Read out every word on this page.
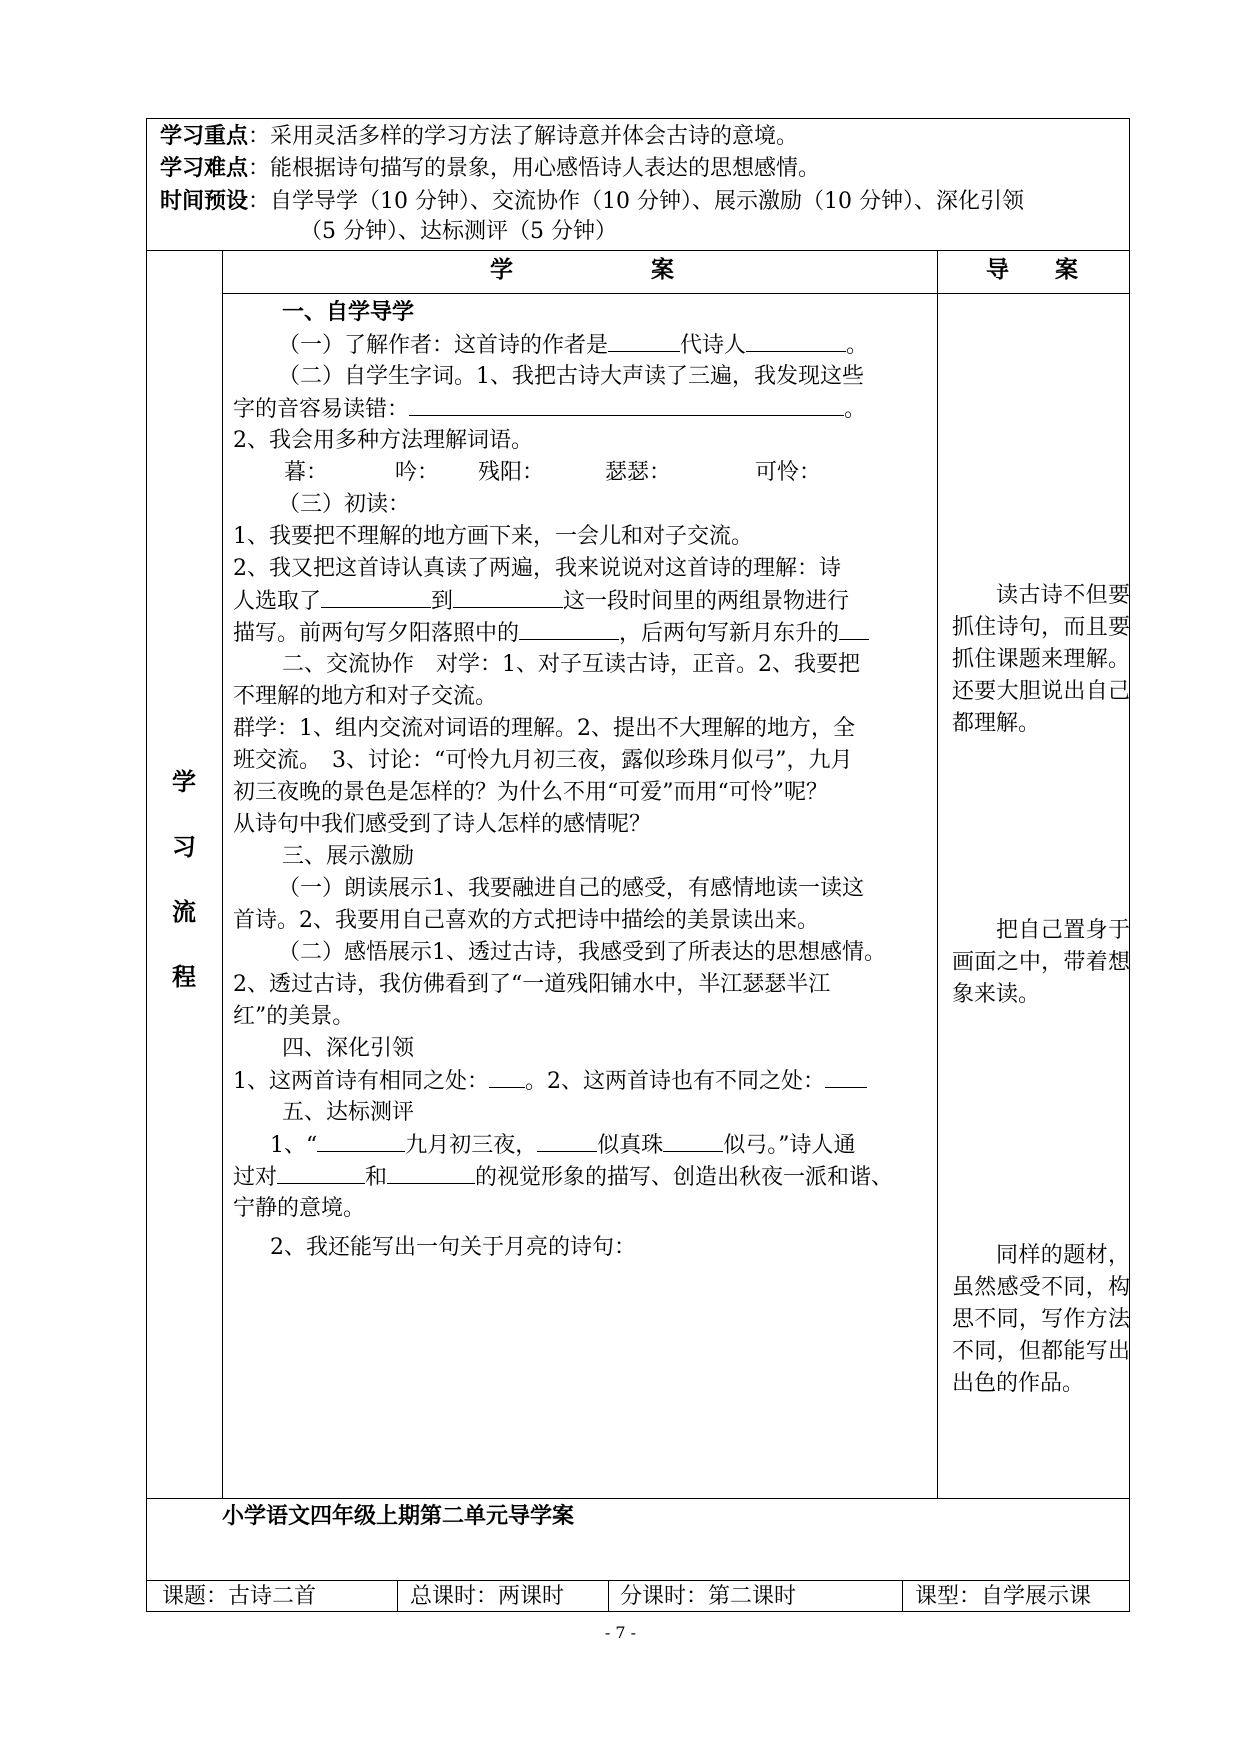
学习重点：采用灵活多样的学习方法了解诗意并体会古诗的意境。
学习难点：能根据诗句描写的景象，用心感悟诗人表达的思想感情。
时间预设：自学导学（10 分钟）、交流协作（10 分钟）、展示激励（10 分钟）、深化引领
（5 分钟）、达标测评（5 分钟）
学　　　　　　案	导　　案
学
习
流
程
一、自学导学
（一）了解作者：这首诗的作者是	代诗人	。
（二）自学生字词。1、我把古诗大声读了三遍，我发现这些
字的音容易读错：	。
2、我会用多种方法理解词语。
暮：	吟： 残阳：	瑟瑟：	可怜：
（三）初读：
1、我要把不理解的地方画下来，一会儿和对子交流。
2、我又把这首诗认真读了两遍，我来说说对这首诗的理解：诗
人选取了	到	这一段时间里的两组景物进行
描写。前两句写夕阳落照中的	，后两句写新月东升的
二、交流协作　对学：1、对子互读古诗，正音。2、我要把
不理解的地方和对子交流。
群学：1、组内交流对词语的理解。2、提出不大理解的地方，全
班交流。　3、讨论：“可怜九月初三夜，露似珍珠月似弓”，九月
初三夜晚的景色是怎样的？为什么不用“可爱”而用“可怜”呢？
从诗句中我们感受到了诗人怎样的感情呢？
三、展示激励
（一）朗读展示1、我要融进自己的感受，有感情地读一读这
首诗。2、我要用自己喜欢的方式把诗中描绘的美景读出来。
（二）感悟展示1、透过古诗，我感受到了所表达的思想感情。
2、透过古诗，我仿佛看到了“一道残阳铺水中，半江瑟瑟半江
红”的美景。
四、深化引领
1、这两首诗有相同之处： 。2、这两首诗也有不同之处：
五、达标测评
1、“	九月初三夜，	似真珠	似弓。”诗人通
过对	和	的视觉形象的描写、创造出秋夜一派和谐、
宁静的意境。
2、我还能写出一句关于月亮的诗句：
读古诗不但要抓住诗句，而且要抓住课题来理解。还要大胆说出自己都理解。
把自己置身于画面之中，带着想象来读。
同样的题材，虽然感受不同，构思不同，写作方法不同，但都能写出出色的作品。
小学语文四年级上期第二单元导学案
课题：古诗二首	总课时：两课时	分课时：第二课时	课型：自学展示课
- 7 -
